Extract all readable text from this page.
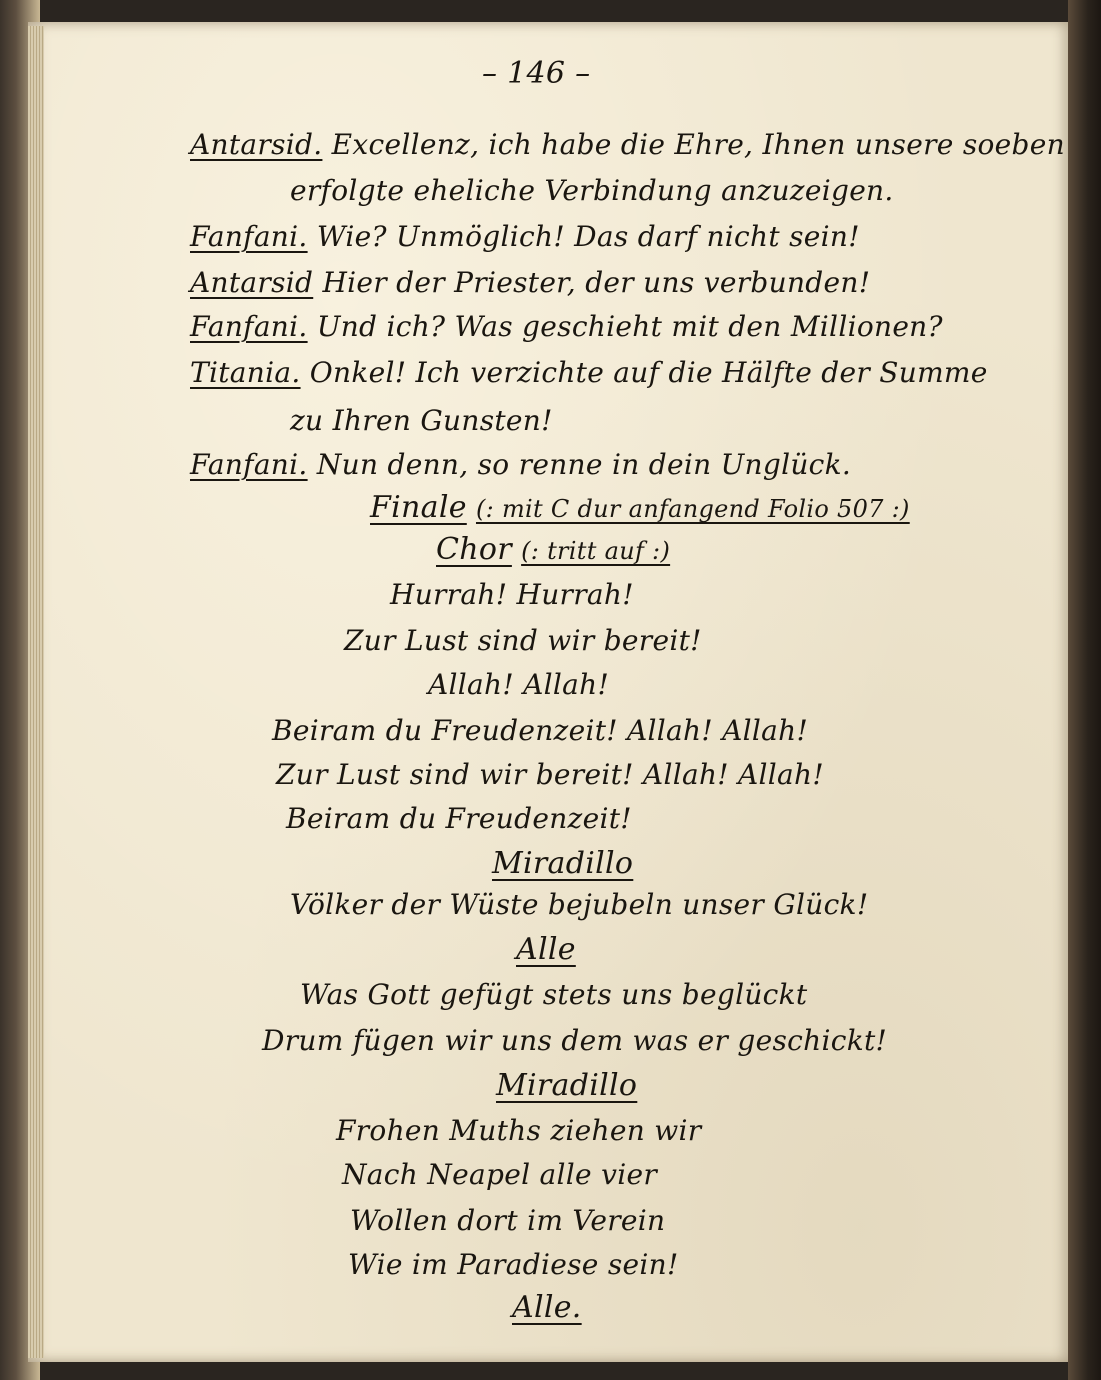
– 146 –
Antarsid. Excellenz, ich habe die Ehre, Ihnen unsere soeben
erfolgte eheliche Verbindung anzuzeigen.
Fanfani. Wie? Unmöglich! Das darf nicht sein!
Antarsid Hier der Priester, der uns verbunden!
Fanfani. Und ich? Was geschieht mit den Millionen?
Titania. Onkel! Ich verzichte auf die Hälfte der Summe
zu Ihren Gunsten!
Fanfani. Nun denn, so renne in dein Unglück.
Finale (: mit C dur anfangend Folio 507 :)
Chor (: tritt auf :)
Hurrah! Hurrah!
Zur Lust sind wir bereit!
Allah! Allah!
Beiram du Freudenzeit! Allah! Allah!
Zur Lust sind wir bereit! Allah! Allah!
Beiram du Freudenzeit!
Miradillo
Völker der Wüste bejubeln unser Glück!
Alle
Was Gott gefügt stets uns beglückt
Drum fügen wir uns dem was er geschickt!
Miradillo
Frohen Muths ziehen wir
Nach Neapel alle vier
Wollen dort im Verein
Wie im Paradiese sein!
Alle.
